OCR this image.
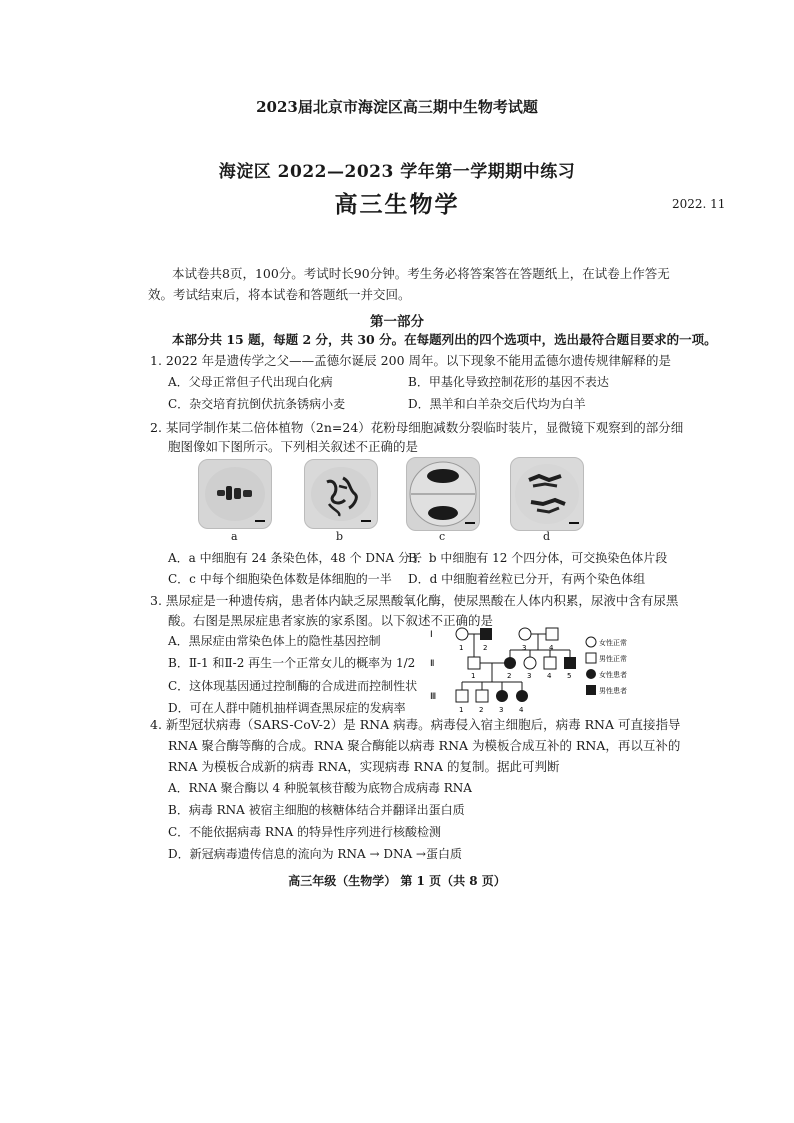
2023届北京市海淀区高三期中生物考试题
海淀区 2022—2023 学年第一学期期中练习
高三生物学	2022. 11
本试卷共8页，100分。考试时长90分钟。考生务必将答案答在答题纸上，在试卷上作答无
效。考试结束后，将本试卷和答题纸一并交回。
第一部分
本部分共 15 题，每题 2 分，共 30 分。在每题列出的四个选项中，选出最符合题目要求的一项。
1. 2022 年是遗传学之父——孟德尔诞辰 200 周年。以下现象不能用孟德尔遗传规律解释的是
A．父母正常但子代出现白化病	B．甲基化导致控制花形的基因不表达
C．杂交培育抗倒伏抗条锈病小麦	D．黑羊和白羊杂交后代均为白羊
2. 某同学制作某二倍体植物（2n=24）花粉母细胞减数分裂临时装片，显微镜下观察到的部分细
胞图像如下图所示。下列相关叙述不正确的是
a	b	c	d
A．a 中细胞有 24 条染色体，48 个 DNA 分子
B．b 中细胞有 12 个四分体，可交换染色体片段
C．c 中每个细胞染色体数是体细胞的一半 D．d 中细胞着丝粒已分开，有两个染色体组
3. 黑尿症是一种遗传病，患者体内缺乏尿黑酸氧化酶，使尿黑酸在人体内积累，尿液中含有尿黑
酸。右图是黑尿症患者家族的家系图。以下叙述不正确的是
A．黑尿症由常染色体上的隐性基因控制
B．Ⅱ-1 和Ⅱ-2 再生一个正常女儿的概率为 1/2
C．这体现基因通过控制酶的合成进而控制性状
D．可在人群中随机抽样调查黑尿症的发病率
Ⅰ
Ⅱ
Ⅲ
1	2	3	4
1	2 3 4 5
1 2 3 4
女性正常
男性正常
女性患者
男性患者
4. 新型冠状病毒（SARS-CoV-2）是 RNA 病毒。病毒侵入宿主细胞后，病毒 RNA 可直接指导
RNA 聚合酶等酶的合成。RNA 聚合酶能以病毒 RNA 为模板合成互补的 RNA，再以互补的
RNA 为模板合成新的病毒 RNA，实现病毒 RNA 的复制。据此可判断
A．RNA 聚合酶以 4 种脱氧核苷酸为底物合成病毒 RNA
B．病毒 RNA 被宿主细胞的核糖体结合并翻译出蛋白质
C．不能依据病毒 RNA 的特异性序列进行核酸检测
D．新冠病毒遗传信息的流向为 RNA → DNA →蛋白质
高三年级（生物学） 第 1 页（共 8 页）
